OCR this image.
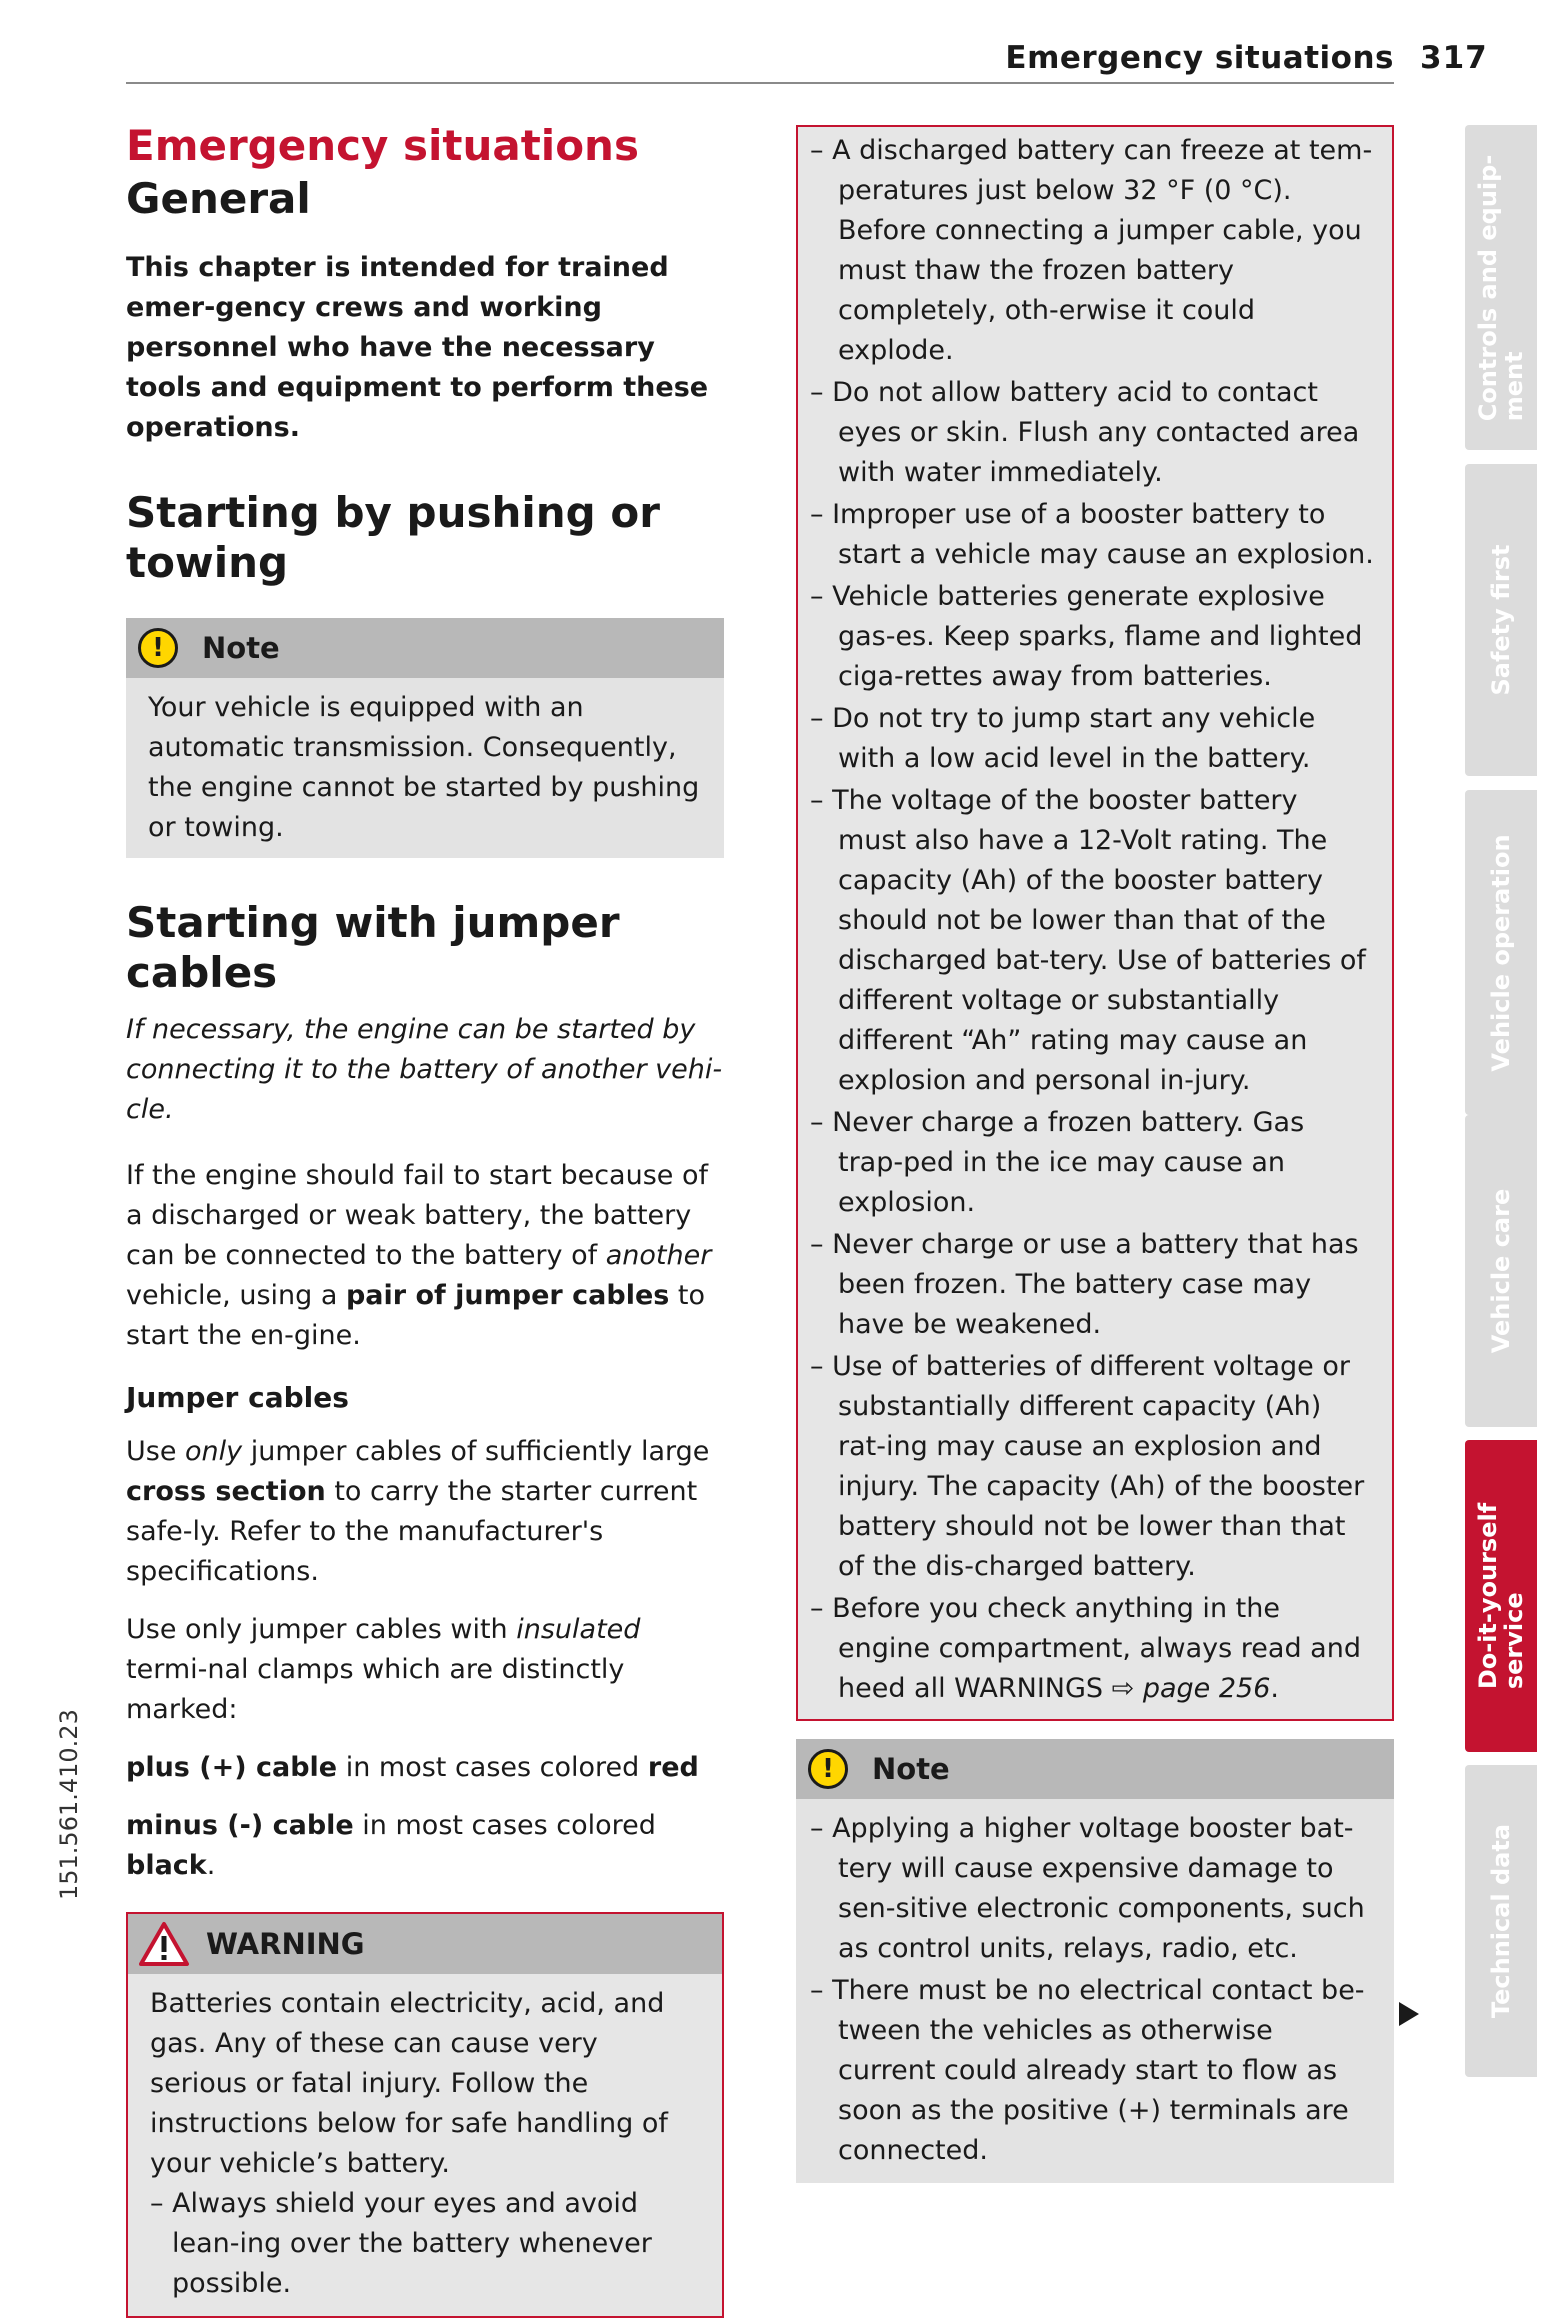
Emergency situations 317
151.561.410.23
Controls and equip-
ment
Safety first
Vehicle operation
Vehicle care
Do-it-yourself
service
Technical data
Emergency situations
General

This chapter is intended for trained emer-gency crews and working personnel who have the necessary tools and equipment to perform these operations.

Starting by pushing or towing
!	Note
Your vehicle is equipped with an automatic transmission. Consequently, the engine cannot be started by pushing or towing.
Starting with jumper cables

If necessary, the engine can be started by connecting it to the battery of another vehi-cle.

If the engine should fail to start because of a discharged or weak battery, the battery can be connected to the battery of another vehicle, using a pair of jumper cables to start the en-gine.

Jumper cables

Use only jumper cables of sufficiently large cross section to carry the starter current safe-ly. Refer to the manufacturer's specifications.

Use only jumper cables with insulated termi-nal clamps which are distinctly marked:

plus (+) cable in most cases colored red

minus (-) cable in most cases colored black.

WARNING

Batteries contain electricity, acid, and gas. Any of these can cause very serious or fatal injury. Follow the instructions below for safe handling of your vehicle’s battery.

– Always shield your eyes and avoid lean-ing over the battery whenever possible.

– A discharged battery can freeze at tem-peratures just below 32 °F (0 °C). Before connecting a jumper cable, you must thaw the frozen battery completely, oth-erwise it could explode.

– Do not allow battery acid to contact eyes or skin. Flush any contacted area with water immediately.

– Improper use of a booster battery to start a vehicle may cause an explosion.

– Vehicle batteries generate explosive gas-es. Keep sparks, flame and lighted ciga-rettes away from batteries.

– Do not try to jump start any vehicle with a low acid level in the battery.

– The voltage of the booster battery must also have a 12-Volt rating. The capacity (Ah) of the booster battery should not be lower than that of the discharged bat-tery. Use of batteries of different voltage or substantially different “Ah” rating may cause an explosion and personal in-jury.

– Never charge a frozen battery. Gas trap-ped in the ice may cause an explosion.

– Never charge or use a battery that has been frozen. The battery case may have be weakened.

– Use of batteries of different voltage or substantially different capacity (Ah) rat-ing may cause an explosion and injury. The capacity (Ah) of the booster battery should not be lower than that of the dis-charged battery.

– Before you check anything in the engine compartment, always read and heed all WARNINGS ⇨ page 256.

!	Note

– Applying a higher voltage booster bat-tery will cause expensive damage to sen-sitive electronic components, such as control units, relays, radio, etc.

– There must be no electrical contact be-tween the vehicles as otherwise current could already start to flow as soon as the positive (+) terminals are connected.
